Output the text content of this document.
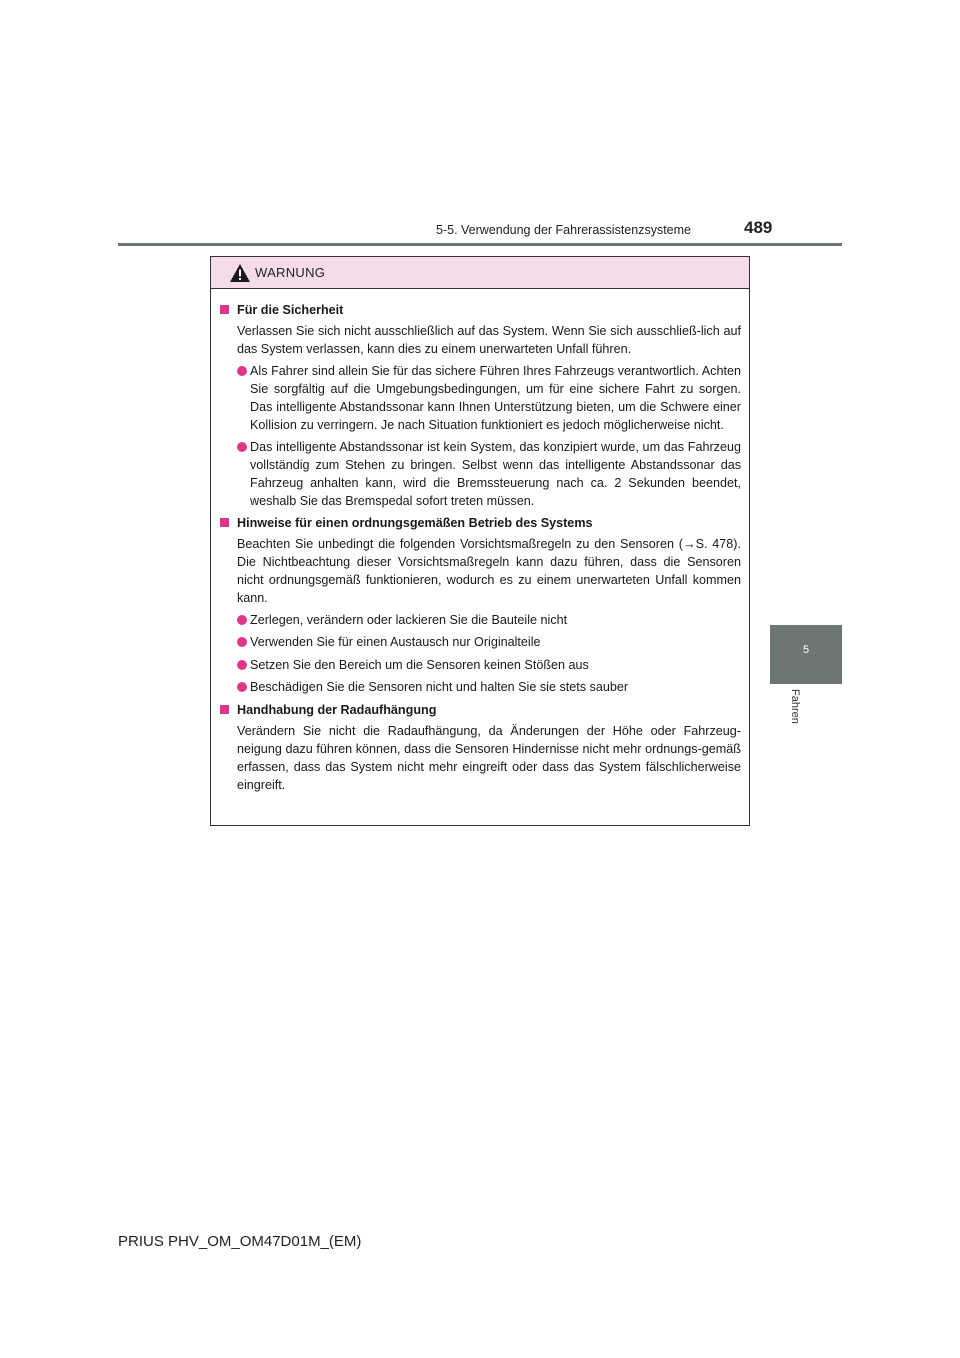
5-5. Verwendung der Fahrerassistenzsysteme	489
5
Fahren
WARNUNG
Für die Sicherheit
Verlassen Sie sich nicht ausschließlich auf das System. Wenn Sie sich ausschließ-lich auf das System verlassen, kann dies zu einem unerwarteten Unfall führen.
Als Fahrer sind allein Sie für das sichere Führen Ihres Fahrzeugs verantwortlich. Achten Sie sorgfältig auf die Umgebungsbedingungen, um für eine sichere Fahrt zu sorgen. Das intelligente Abstandssonar kann Ihnen Unterstützung bieten, um die Schwere einer Kollision zu verringern. Je nach Situation funktioniert es jedoch möglicherweise nicht.
Das intelligente Abstandssonar ist kein System, das konzipiert wurde, um das Fahrzeug vollständig zum Stehen zu bringen. Selbst wenn das intelligente Abstandssonar das Fahrzeug anhalten kann, wird die Bremssteuerung nach ca. 2 Sekunden beendet, weshalb Sie das Bremspedal sofort treten müssen.
Hinweise für einen ordnungsgemäßen Betrieb des Systems
Beachten Sie unbedingt die folgenden Vorsichtsmaßregeln zu den Sensoren (→S. 478). Die Nichtbeachtung dieser Vorsichtsmaßregeln kann dazu führen, dass die Sensoren nicht ordnungsgemäß funktionieren, wodurch es zu einem unerwarteten Unfall kommen kann.
Zerlegen, verändern oder lackieren Sie die Bauteile nicht
Verwenden Sie für einen Austausch nur Originalteile
Setzen Sie den Bereich um die Sensoren keinen Stößen aus
Beschädigen Sie die Sensoren nicht und halten Sie sie stets sauber
Handhabung der Radaufhängung
Verändern Sie nicht die Radaufhängung, da Änderungen der Höhe oder Fahrzeug-neigung dazu führen können, dass die Sensoren Hindernisse nicht mehr ordnungs-gemäß erfassen, dass das System nicht mehr eingreift oder dass das System fälschlicherweise eingreift.
PRIUS PHV_OM_OM47D01M_(EM)
